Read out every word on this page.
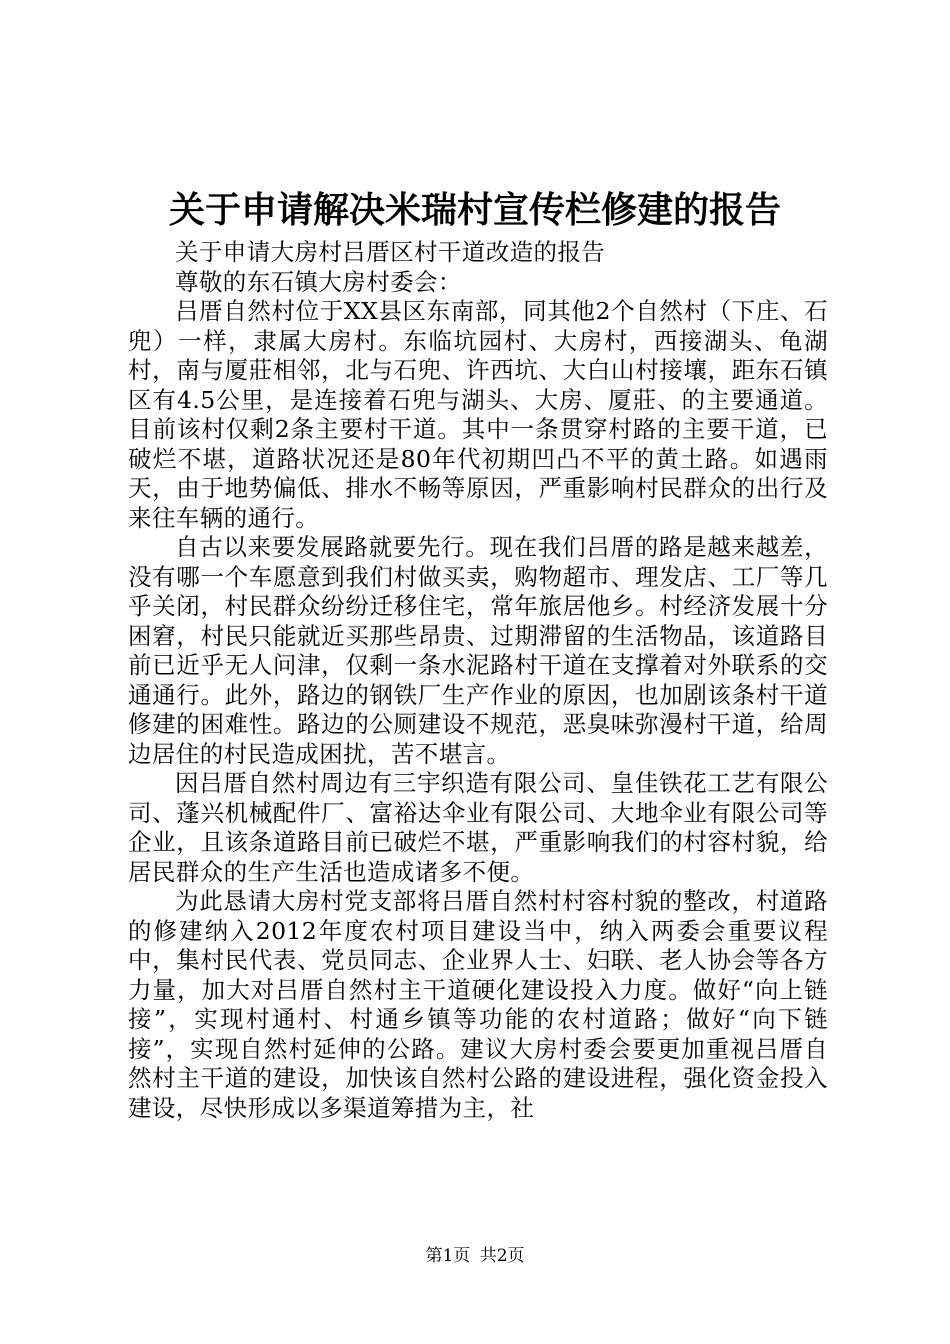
关于申请解决米瑞村宣传栏修建的报告

关于申请大房村吕厝区村干道改造的报告

尊敬的东石镇大房村委会：

吕厝自然村位于XX县区东南部，同其他2个自然村（下庄、石兜）一样，隶属大房村。东临坑园村、大房村，西接湖头、龟湖村，南与厦莊相邻，北与石兜、许西坑、大白山村接壤，距东石镇区有4.5公里，是连接着石兜与湖头、大房、厦莊、的主要通道。目前该村仅剩2条主要村干道。其中一条贯穿村路的主要干道，已破烂不堪，道路状况还是80年代初期凹凸不平的黄土路。如遇雨天，由于地势偏低、排水不畅等原因，严重影响村民群众的出行及来往车辆的通行。

自古以来要发展路就要先行。现在我们吕厝的路是越来越差，没有哪一个车愿意到我们村做买卖，购物超市、理发店、工厂等几乎关闭，村民群众纷纷迁移住宅，常年旅居他乡。村经济发展十分困窘，村民只能就近买那些昂贵、过期滞留的生活物品，该道路目前已近乎无人问津，仅剩一条水泥路村干道在支撑着对外联系的交通通行。此外，路边的钢铁厂生产作业的原因，也加剧该条村干道修建的困难性。路边的公厕建设不规范，恶臭味弥漫村干道，给周边居住的村民造成困扰，苦不堪言。

因吕厝自然村周边有三宇织造有限公司、皇佳铁花工艺有限公司、蓬兴机械配件厂、富裕达伞业有限公司、大地伞业有限公司等企业，且该条道路目前已破烂不堪，严重影响我们的村容村貌，给居民群众的生产生活也造成诸多不便。

为此恳请大房村党支部将吕厝自然村村容村貌的整改，村道路的修建纳入2012年度农村项目建设当中，纳入两委会重要议程中，集村民代表、党员同志、企业界人士、妇联、老人协会等各方力量，加大对吕厝自然村主干道硬化建设投入力度。做好“向上链接”，实现村通村、村通乡镇等功能的农村道路；做好“向下链接”，实现自然村延伸的公路。建议大房村委会要更加重视吕厝自然村主干道的建设，加快该自然村公路的建设进程，强化资金投入建设，尽快形成以多渠道筹措为主，社

第1页 共2页
